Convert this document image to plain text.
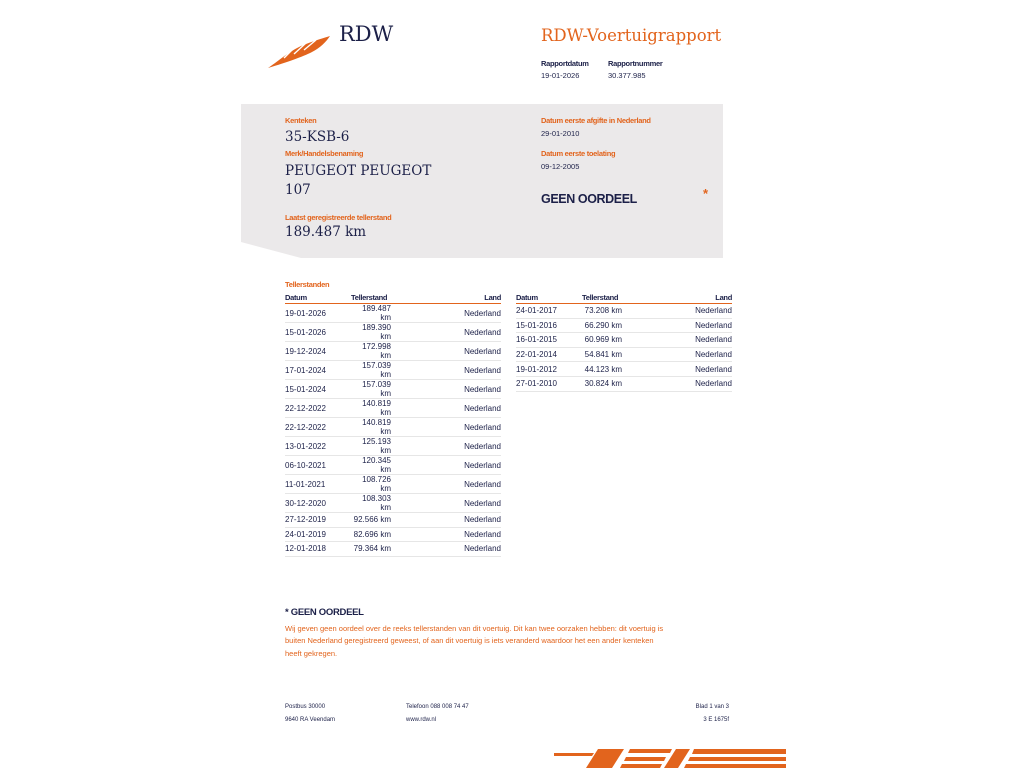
RDW	RDW-Voertuigrapport
Rapportdatum
19-01-2026
Rapportnummer
30.377.985
Kenteken
35-KSB-6
Merk/Handelsbenaming
PEUGEOT PEUGEOT
107
Laatst geregistreerde tellerstand
189.487 km
Datum eerste afgifte in Nederland
29-01-2010
Datum eerste toelating
09-12-2005
GEEN OORDEEL	*
Tellerstanden
Datum	Tellerstand	Land
19-01-2026	189.487 km	Nederland
15-01-2026	189.390 km	Nederland
19-12-2024	172.998 km	Nederland
17-01-2024	157.039 km	Nederland
15-01-2024	157.039 km	Nederland
22-12-2022	140.819 km	Nederland
22-12-2022	140.819 km	Nederland
13-01-2022	125.193 km	Nederland
06-10-2021	120.345 km	Nederland
11-01-2021	108.726 km	Nederland
30-12-2020	108.303 km	Nederland
27-12-2019	92.566 km	Nederland
24-01-2019	82.696 km	Nederland
12-01-2018	79.364 km	Nederland
Datum	Tellerstand	Land
24-01-2017	73.208 km	Nederland
15-01-2016	66.290 km	Nederland
16-01-2015	60.969 km	Nederland
22-01-2014	54.841 km	Nederland
19-01-2012	44.123 km	Nederland
27-01-2010	30.824 km	Nederland
* GEEN OORDEEL
Wij geven geen oordeel over de reeks tellerstanden van dit voertuig. Dit kan twee oorzaken hebben: dit voertuig is
buiten Nederland geregistreerd geweest, of aan dit voertuig is iets veranderd waardoor het een ander kenteken
heeft gekregen.
Postbus 30000
9640 RA Veendam
Telefoon 088 008 74 47
www.rdw.nl
Blad 1 van 3
3 E 1675f
